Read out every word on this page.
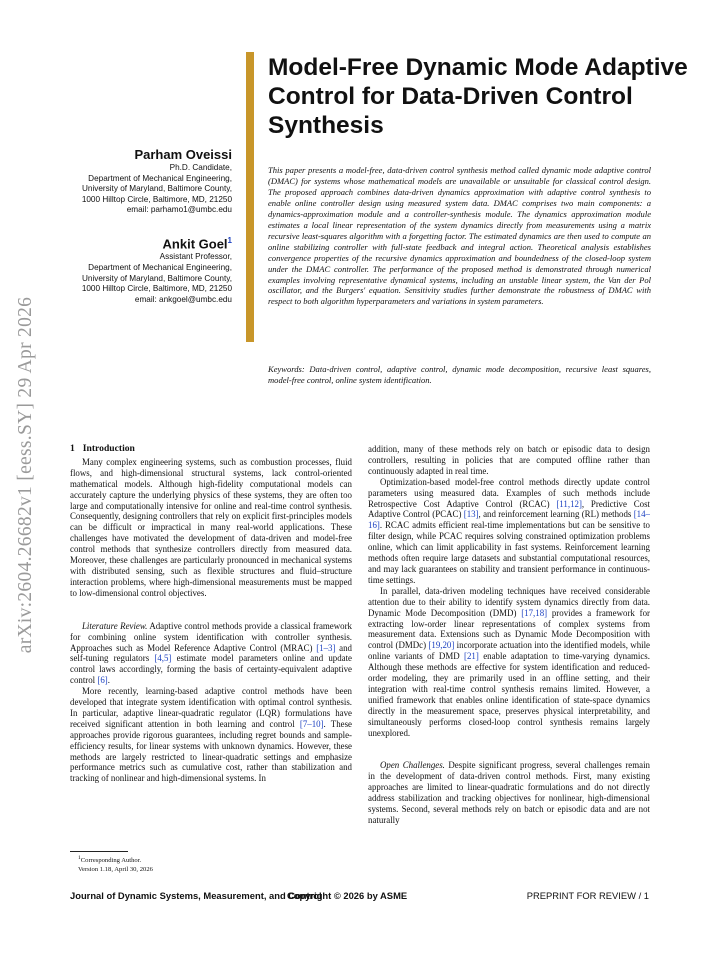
arXiv:2604.26682v1 [eess.SY] 29 Apr 2026
Model-Free Dynamic Mode Adaptive Control for Data-Driven Control Synthesis
Parham Oveissi
Ph.D. Candidate,
Department of Mechanical Engineering,
University of Maryland, Baltimore County,
1000 Hilltop Circle, Baltimore, MD, 21250
email: parhamo1@umbc.edu
Ankit Goel$^1$
Assistant Professor,
Department of Mechanical Engineering,
University of Maryland, Baltimore County,
1000 Hilltop Circle, Baltimore, MD, 21250
email: ankgoel@umbc.edu
This paper presents a model-free, data-driven control synthesis method called dynamic mode adaptive control (DMAC) for systems whose mathematical models are unavailable or unsuitable for classical control design. The proposed approach combines data-driven dynamics approximation with adaptive control synthesis to enable online controller design using measured system data. DMAC comprises two main components: a dynamics-approximation module and a controller-synthesis module. The dynamics approximation module estimates a local linear representation of the system dynamics directly from measurements using a matrix recursive least-squares algorithm with a forgetting factor. The estimated dynamics are then used to compute an online stabilizing controller with full-state feedback and integral action. Theoretical analysis establishes convergence properties of the recursive dynamics approximation and boundedness of the closed-loop system under the DMAC controller. The performance of the proposed method is demonstrated through numerical examples involving representative dynamical systems, including an unstable linear system, the Van der Pol oscillator, and the Burgers' equation. Sensitivity studies further demonstrate the robustness of DMAC with respect to both algorithm hyperparameters and variations in system parameters.
Keywords: Data-driven control, adaptive control, dynamic mode decomposition, recursive least squares, model-free control, online system identification.
1 Introduction

Many complex engineering systems, such as combustion processes, fluid flows, and high-dimensional structural systems, lack control-oriented mathematical models. Although high-fidelity computational models can accurately capture the underlying physics of these systems, they are often too large and computationally intensive for online and real-time control synthesis. Consequently, designing controllers that rely on explicit first-principles models can be difficult or impractical in many real-world applications. These challenges have motivated the development of data-driven and model-free control methods that synthesize controllers directly from measured data. Moreover, these challenges are particularly pronounced in mechanical systems with distributed sensing, such as flexible structures and fluid–structure interaction problems, where high-dimensional measurements must be mapped to low-dimensional control objectives.

Literature Review. Adaptive control methods provide a classical framework for combining online system identification with controller synthesis. Approaches such as Model Reference Adaptive Control (MRAC) [1–3] and self-tuning regulators [4,5] estimate model parameters online and update control laws accordingly, forming the basis of certainty-equivalent adaptive control [6].

More recently, learning-based adaptive control methods have been developed that integrate system identification with optimal control synthesis. In particular, adaptive linear-quadratic regulator (LQR) formulations have received significant attention in both learning and control [7–10]. These approaches provide rigorous guarantees, including regret bounds and sample-efficiency results, for linear systems with unknown dynamics. However, these methods are largely restricted to linear-quadratic settings and emphasize performance metrics such as cumulative cost, rather than stabilization and tracking of nonlinear and high-dimensional systems. In

addition, many of these methods rely on batch or episodic data to design controllers, resulting in policies that are computed offline rather than continuously adapted in real time.

Optimization-based model-free control methods directly update control parameters using measured data. Examples of such methods include Retrospective Cost Adaptive Control (RCAC) [11,12], Predictive Cost Adaptive Control (PCAC) [13], and reinforcement learning (RL) methods [14–16]. RCAC admits efficient real-time implementations but can be sensitive to filter design, while PCAC requires solving constrained optimization problems online, which can limit applicability in fast systems. Reinforcement learning methods often require large datasets and substantial computational resources, and may lack guarantees on stability and transient performance in continuous-time settings.

In parallel, data-driven modeling techniques have received considerable attention due to their ability to identify system dynamics directly from data. Dynamic Mode Decomposition (DMD) [17,18] provides a framework for extracting low-order linear representations of complex systems from measurement data. Extensions such as Dynamic Mode Decomposition with control (DMDc) [19,20] incorporate actuation into the identified models, while online variants of DMD [21] enable adaptation to time-varying dynamics. Although these methods are effective for system identification and reduced-order modeling, they are primarily used in an offline setting, and their integration with real-time control synthesis remains limited. However, a unified framework that enables online identification of state-space dynamics directly in the measurement space, preserves physical interpretability, and simultaneously performs closed-loop control synthesis remains largely unexplored.

Open Challenges. Despite significant progress, several challenges remain in the development of data-driven control methods. First, many existing approaches are limited to linear-quadratic formulations and do not directly address stabilization and tracking objectives for nonlinear, high-dimensional systems. Second, several methods rely on batch or episodic data and are not naturally

$^1$Corresponding Author.
Version 1.18, April 30, 2026
Journal of Dynamic Systems, Measurement, and Control
Copyright © 2026 by ASME	PREPRINT FOR REVIEW / 1
